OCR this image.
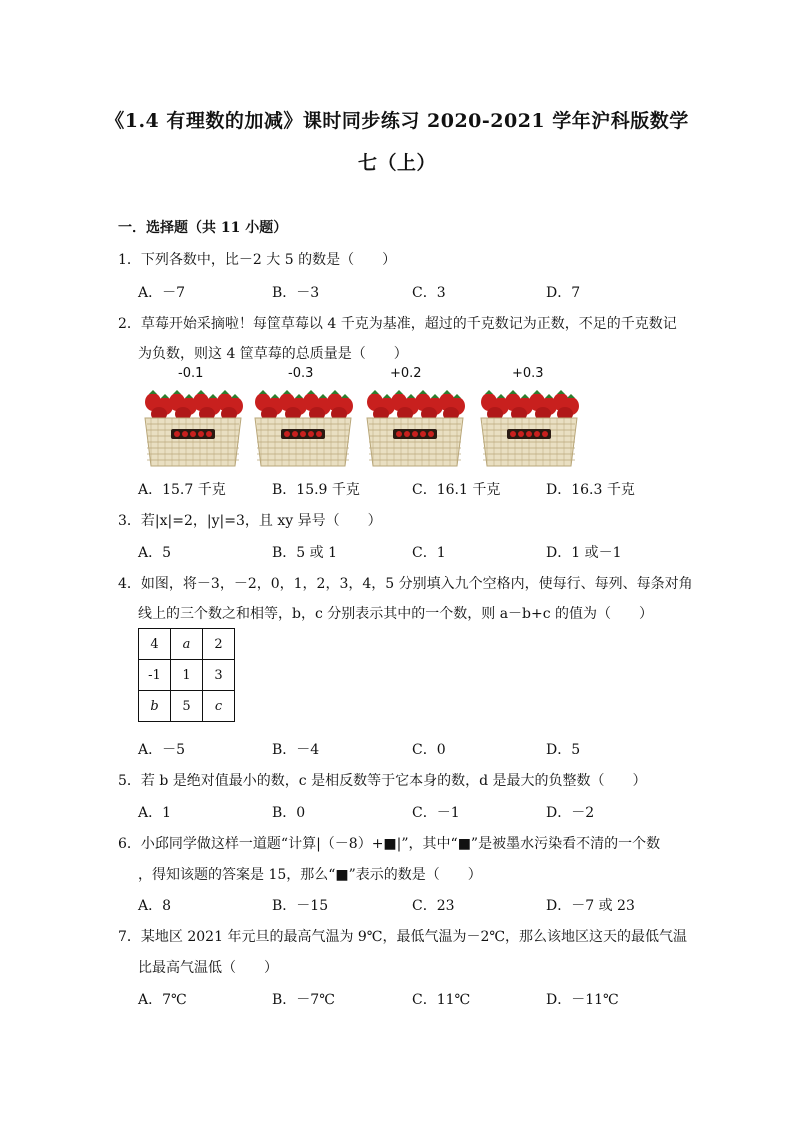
《1.4 有理数的加减》课时同步练习 2020-2021 学年沪科版数学
七（上）
一．选择题（共 11 小题）
1．下列各数中，比－2 大 5 的数是（　　）
A．－7	B．－3	C．3	D．7
2．草莓开始采摘啦！每筐草莓以 4 千克为基准，超过的千克数记为正数，不足的千克数记
为负数，则这 4 筐草莓的总质量是（　　）
-0.1	-0.3	+0.2	+0.3
A．15.7 千克	B．15.9 千克	C．16.1 千克	D．16.3 千克
3．若|x|=2，|y|=3，且 xy 异号（　　）
A．5	B．5 或 1	C．1	D．1 或－1
4．如图，将－3，－2，0，1，2，3，4，5 分别填入九个空格内，使每行、每列、每条对角
线上的三个数之和相等，b，c 分别表示其中的一个数，则 a－b+c 的值为（　　）
4	a	2
-1	1	3
b	5	c
A．－5	B．－4	C．0	D．5
5．若 b 是绝对值最小的数，c 是相反数等于它本身的数，d 是最大的负整数（　　）
A．1	B．0	C．－1	D．－2
6．小邱同学做这样一道题“计算|（－8）+■|”，其中“■”是被墨水污染看不清的一个数
，得知该题的答案是 15，那么“■”表示的数是（　　）
A．8	B．－15	C．23	D．－7 或 23
7．某地区 2021 年元旦的最高气温为 9℃，最低气温为－2℃，那么该地区这天的最低气温
比最高气温低（　　）
A．7℃	B．－7℃	C．11℃	D．－11℃
